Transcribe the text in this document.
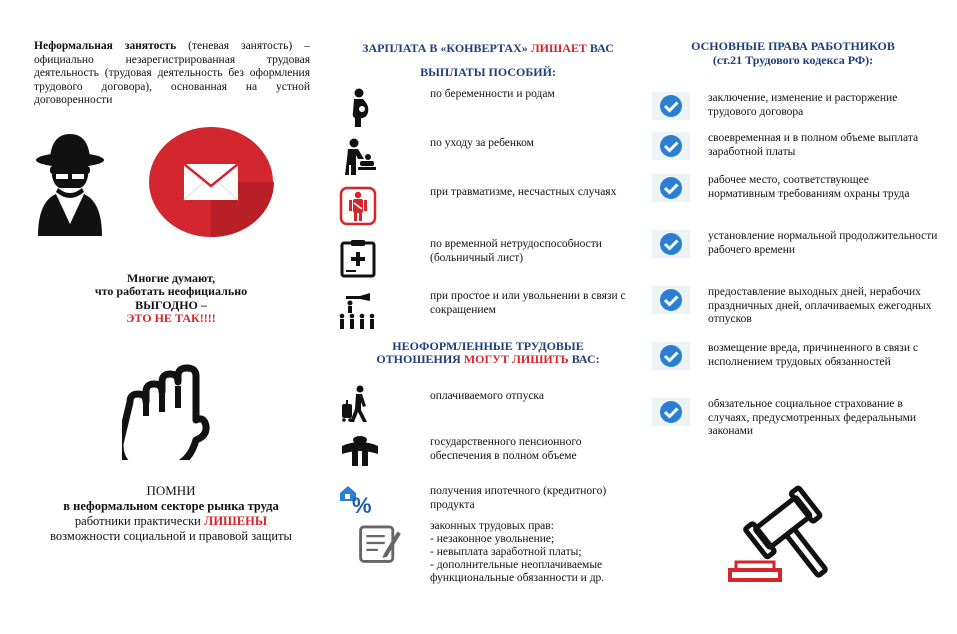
Неформальная занятость (теневая занятость) – официально незарегистрированная трудовая деятельность (трудовая деятельность без оформления трудового договора), основанная на устной договоренности

Многие думают,
что работать неофициально
ВЫГОДНО –
ЭТО НЕ ТАК!!!!
ПОМНИ
в неформальном секторе рынка труда
работники практически ЛИШЕНЫ
возможности социальной и правовой защиты
ЗАРПЛАТА В «КОНВЕРТАХ» ЛИШАЕТ ВАС
ВЫПЛАТЫ ПОСОБИЙ:
по беременности и родам
по уходу за ребенком
при травматизме, несчастных случаях
по временной нетрудоспособности (больничный лист)
при простое и или увольнении в связи с сокращением
НЕОФОРМЛЕННЫЕ ТРУДОВЫЕ
ОТНОШЕНИЯ МОГУТ ЛИШИТЬ ВАС:
оплачиваемого отпуска
государственного пенсионного обеспечения в полном объеме
%
получения ипотечного (кредитного) продукта
законных трудовых прав:
- незаконное увольнение;
- невыплата заработной платы;
- дополнительные неоплачиваемые функциональные обязанности и др.
ОСНОВНЫЕ ПРАВА РАБОТНИКОВ
(ст.21 Трудового кодекса РФ):
заключение, изменение и расторжение трудового договора
своевременная и в полном объеме выплата заработной платы
рабочее место, соответствующее нормативным требованиям охраны труда
установление нормальной продолжительности рабочего времени
предоставление выходных дней, нерабочих праздничных дней, оплачиваемых ежегодных отпусков
возмещение вреда, причиненного в связи с исполнением трудовых обязанностей
обязательное социальное страхование в случаях, предусмотренных федеральными законами
